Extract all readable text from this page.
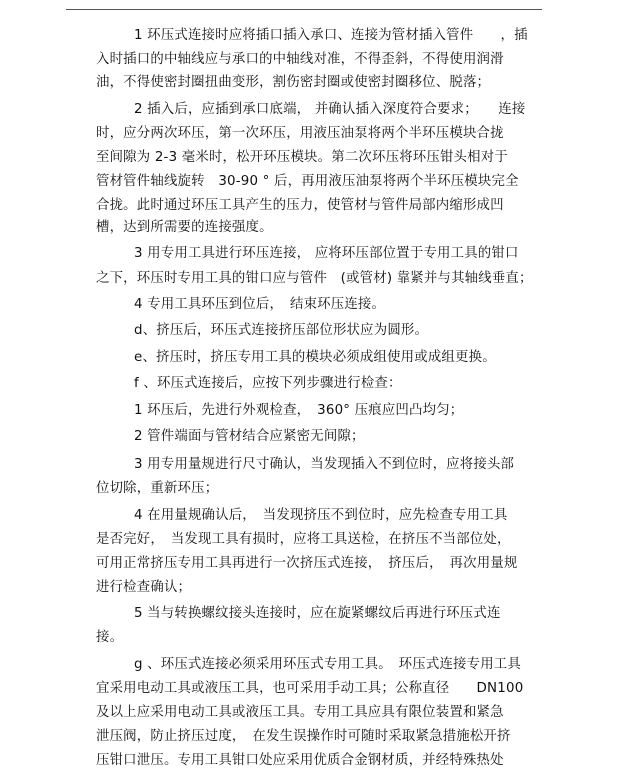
1 环压式连接时应将插口插入承口、连接为管材插入管件　　，插
入时插口的中轴线应与承口的中轴线对准，不得歪斜，不得使用润滑
油，不得使密封圈扭曲变形，割伤密封圈或使密封圈移位、脱落；
2 插入后，应插到承口底端， 并确认插入深度符合要求；　　连接
时，应分两次环压，第一次环压，用液压油泵将两个半环压模块合拢
至间隙为 2-3 毫米时，松开环压模块。第二次环压将环压钳头相对于
管材管件轴线旋转　30-90 ° 后，再用液压油泵将两个半环压模块完全
合拢。此时通过环压工具产生的压力，使管材与管件局部内缩形成凹
槽，达到所需要的连接强度。
3 用专用工具进行环压连接， 应将环压部位置于专用工具的钳口
之下，环压时专用工具的钳口应与管件　(或管材) 靠紧并与其轴线垂直；
4 专用工具环压到位后，　结束环压连接。
d、挤压后，环压式连接挤压部位形状应为圆形。
e、挤压时，挤压专用工具的模块必须成组使用或成组更换。
f 、环压式连接后，应按下列步骤进行检查：
1 环压后，先进行外观检查，　360° 压痕应凹凸均匀；
2 管件端面与管材结合应紧密无间隙；
3 用专用量规进行尺寸确认，当发现插入不到位时，应将接头部
位切除，重新环压；
4 在用量规确认后，　当发现挤压不到位时，应先检查专用工具
是否完好，　当发现工具有损时，应将工具送检，在挤压不当部位处，
可用正常挤压专用工具再进行一次挤压式连接，　挤压后，　再次用量规
进行检查确认；
5 当与转换螺纹接头连接时，应在旋紧螺纹后再进行环压式连
接。
g 、环压式连接必须采用环压式专用工具。　环压式连接专用工具
宜采用电动工具或液压工具，也可采用手动工具；公称直径　　DN100
及以上应采用电动工具或液压工具。专用工具应具有限位装置和紧急
泄压阀，防止挤压过度，　在发生误操作时可随时采取紧急措施松开挤
压钳口泄压。专用工具钳口处应采用优质合金钢材质，并经特殊热处
